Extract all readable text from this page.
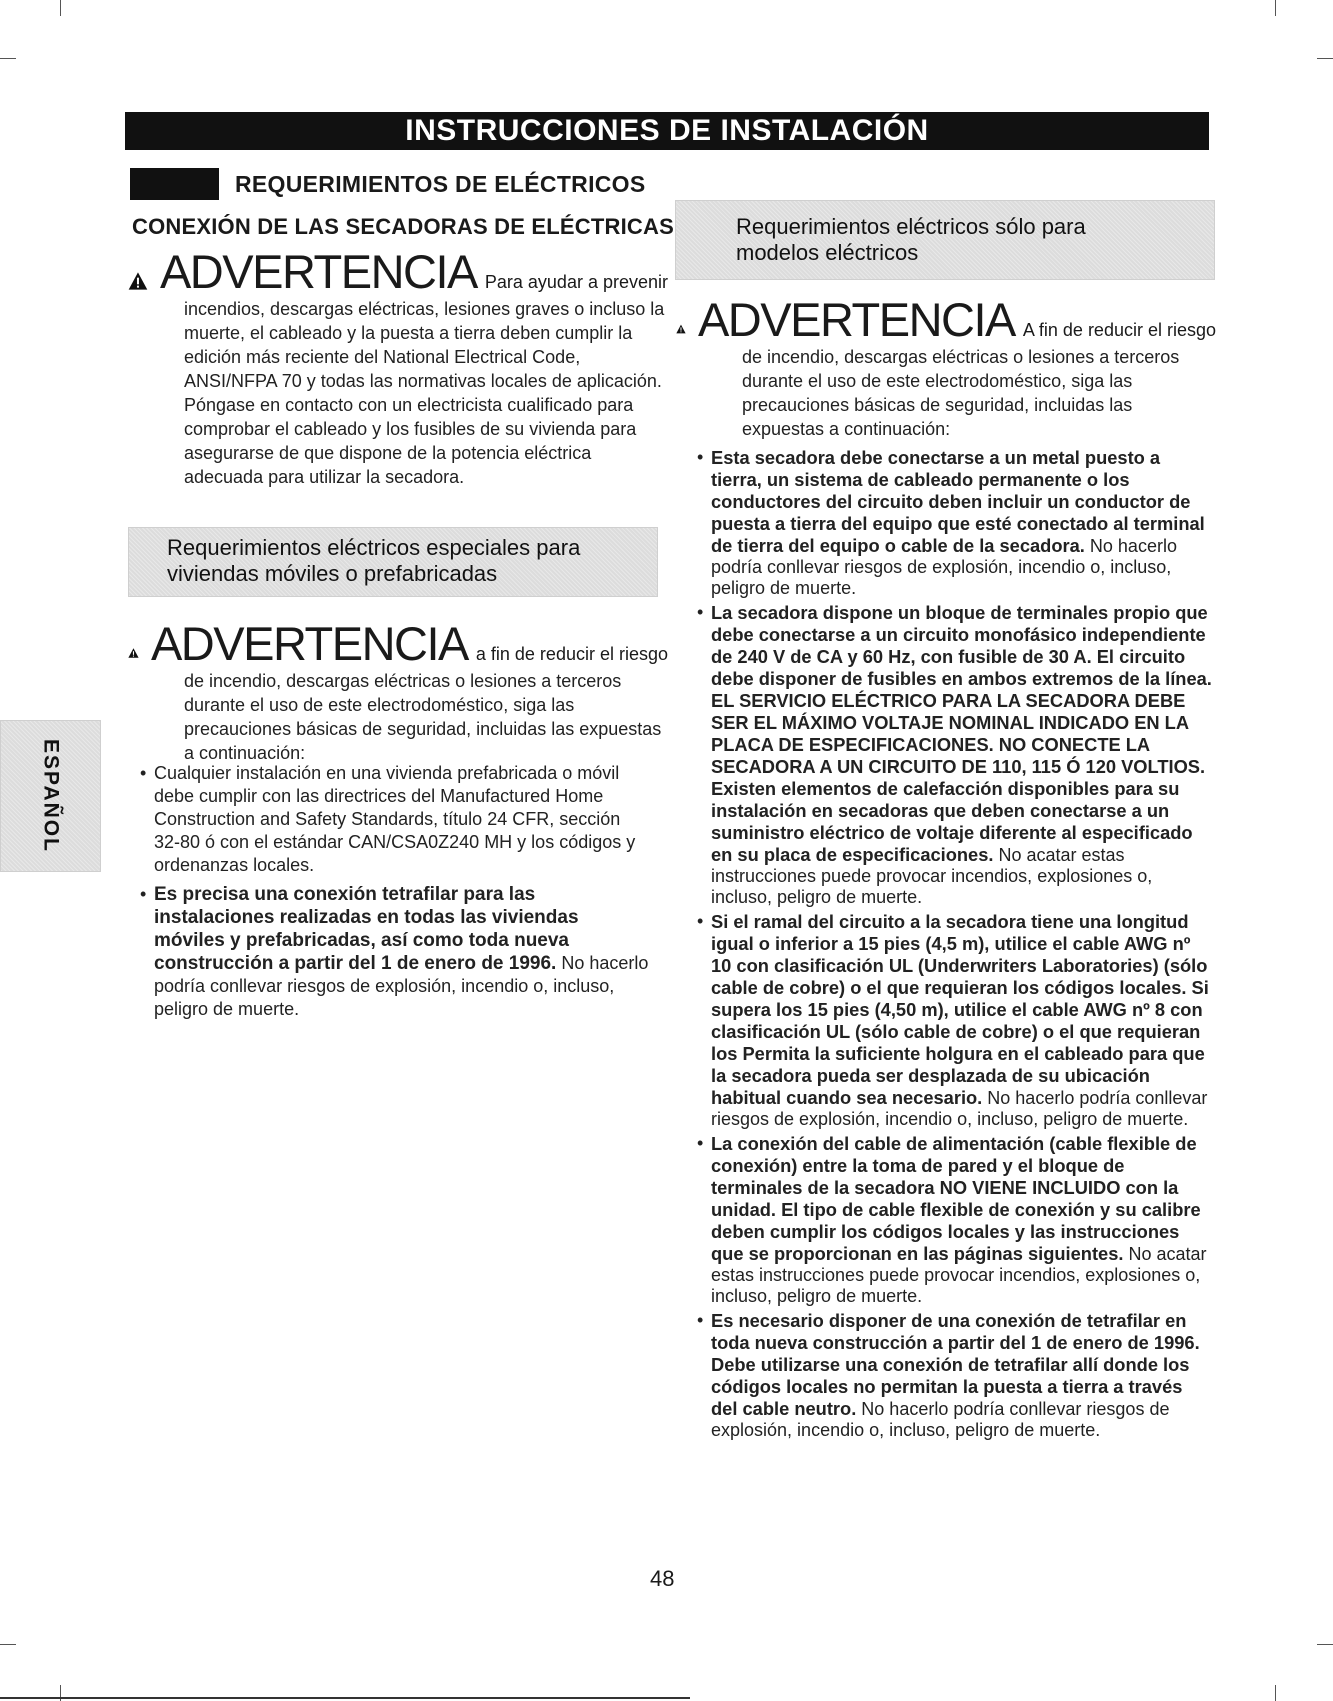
INSTRUCCIONES DE INSTALACIÓN
REQUERIMIENTOS DE ELÉCTRICOS
CONEXIÓN DE LAS SECADORAS DE ELÉCTRICAS
ADVERTENCIA Para ayudar a prevenir

incendios, descargas eléctricas, lesiones graves o incluso la muerte, el cableado y la puesta a tierra deben cumplir la edición más reciente del National Electrical Code, ANSI/NFPA 70 y todas las normativas locales de aplicación. Póngase en contacto con un electricista cualificado para comprobar el cableado y los fusibles de su vivienda para asegurarse de que dispone de la potencia eléctrica adecuada para utilizar la secadora.

Requerimientos eléctricos especiales para viviendas móviles o prefabricadas

ADVERTENCIA a fin de reducir el riesgo

de incendio, descargas eléctricas o lesiones a terceros durante el uso de este electrodoméstico, siga las precauciones básicas de seguridad, incluidas las expuestas a continuación:

• Cualquier instalación en una vivienda prefabricada o móvil debe cumplir con las directrices del Manufactured Home Construction and Safety Standards, título 24 CFR, sección 32-80 ó con el estándar CAN/CSA0Z240 MH y los códigos y ordenanzas locales.
• Es precisa una conexión tetrafilar para las instalaciones realizadas en todas las viviendas móviles y prefabricadas, así como toda nueva construcción a partir del 1 de enero de 1996. No hacerlo podría conllevar riesgos de explosión, incendio o, incluso, peligro de muerte.

Requerimientos eléctricos sólo para modelos eléctricos

ADVERTENCIA A fin de reducir el riesgo

de incendio, descargas eléctricas o lesiones a terceros durante el uso de este electrodoméstico, siga las precauciones básicas de seguridad, incluidas las expuestas a continuación:

• Esta secadora debe conectarse a un metal puesto a tierra, un sistema de cableado permanente o los conductores del circuito deben incluir un conductor de puesta a tierra del equipo que esté conectado al terminal de tierra del equipo o cable de la secadora. No hacerlo podría conllevar riesgos de explosión, incendio o, incluso, peligro de muerte.
• La secadora dispone un bloque de terminales propio que debe conectarse a un circuito monofásico independiente de 240 V de CA y 60 Hz, con fusible de 30 A. El circuito debe disponer de fusibles en ambos extremos de la línea. EL SERVICIO ELÉCTRICO PARA LA SECADORA DEBE SER EL MÁXIMO VOLTAJE NOMINAL INDICADO EN LA PLACA DE ESPECIFICACIONES. NO CONECTE LA SECADORA A UN CIRCUITO DE 110, 115 Ó 120 VOLTIOS. Existen elementos de calefacción disponibles para su instalación en secadoras que deben conectarse a un suministro eléctrico de voltaje diferente al especificado en su placa de especificaciones. No acatar estas instrucciones puede provocar incendios, explosiones o, incluso, peligro de muerte.
• Si el ramal del circuito a la secadora tiene una longitud igual o inferior a 15 pies (4,5 m), utilice el cable AWG nº 10 con clasificación UL (Underwriters Laboratories) (sólo cable de cobre) o el que requieran los códigos locales. Si supera los 15 pies (4,50 m), utilice el cable AWG nº 8 con clasificación UL (sólo cable de cobre) o el que requieran los Permita la suficiente holgura en el cableado para que la secadora pueda ser desplazada de su ubicación habitual cuando sea necesario. No hacerlo podría conllevar riesgos de explosión, incendio o, incluso, peligro de muerte.
• La conexión del cable de alimentación (cable flexible de conexión) entre la toma de pared y el bloque de terminales de la secadora NO VIENE INCLUIDO con la unidad. El tipo de cable flexible de conexión y su calibre deben cumplir los códigos locales y las instrucciones que se proporcionan en las páginas siguientes. No acatar estas instrucciones puede provocar incendios, explosiones o, incluso, peligro de muerte.
• Es necesario disponer de una conexión de tetrafilar en toda nueva construcción a partir del 1 de enero de 1996. Debe utilizarse una conexión de tetrafilar allí donde los códigos locales no permitan la puesta a tierra a través del cable neutro. No hacerlo podría conllevar riesgos de explosión, incendio o, incluso, peligro de muerte.
ESPAÑOL
48
